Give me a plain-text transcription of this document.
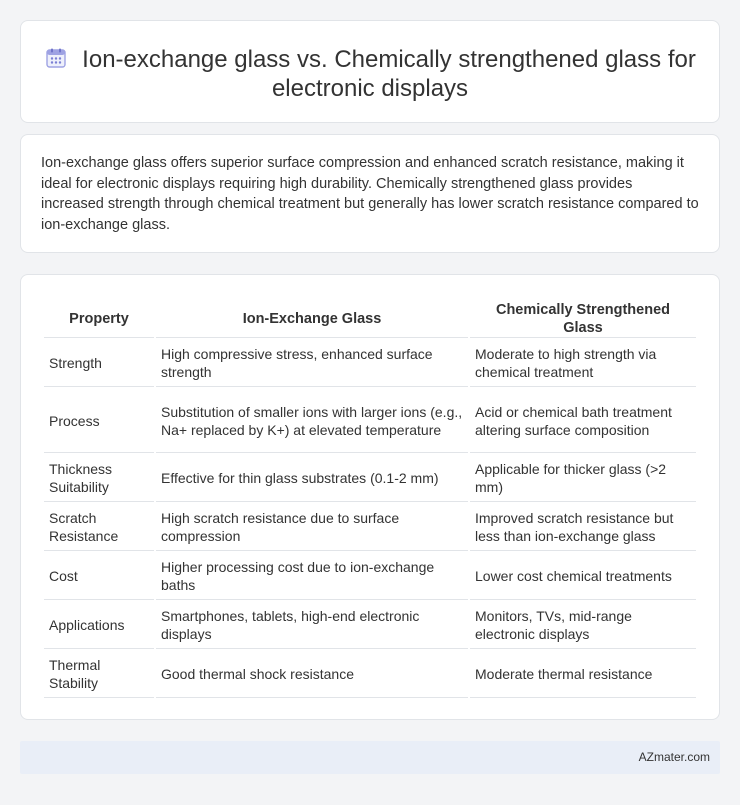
Ion-exchange glass vs. Chemically strengthened glass for electronic displays

Ion-exchange glass offers superior surface compression and enhanced scratch resistance, making it ideal for electronic displays requiring high durability. Chemically strengthened glass provides increased strength through chemical treatment but generally has lower scratch resistance compared to ion-exchange glass.

Property	Ion-Exchange Glass	Chemically Strengthened Glass
Strength	High compressive stress, enhanced surface strength	Moderate to high strength via chemical treatment
Process	Substitution of smaller ions with larger ions (e.g., Na+ replaced by K+) at elevated temperature	Acid or chemical bath treatment altering surface composition
Thickness Suitability	Effective for thin glass substrates (0.1-2 mm)	Applicable for thicker glass (>2 mm)
Scratch Resistance	High scratch resistance due to surface compression	Improved scratch resistance but less than ion-exchange glass
Cost	Higher processing cost due to ion-exchange baths	Lower cost chemical treatments
Applications	Smartphones, tablets, high-end electronic displays	Monitors, TVs, mid-range electronic displays
Thermal Stability	Good thermal shock resistance	Moderate thermal resistance
AZmater.com
